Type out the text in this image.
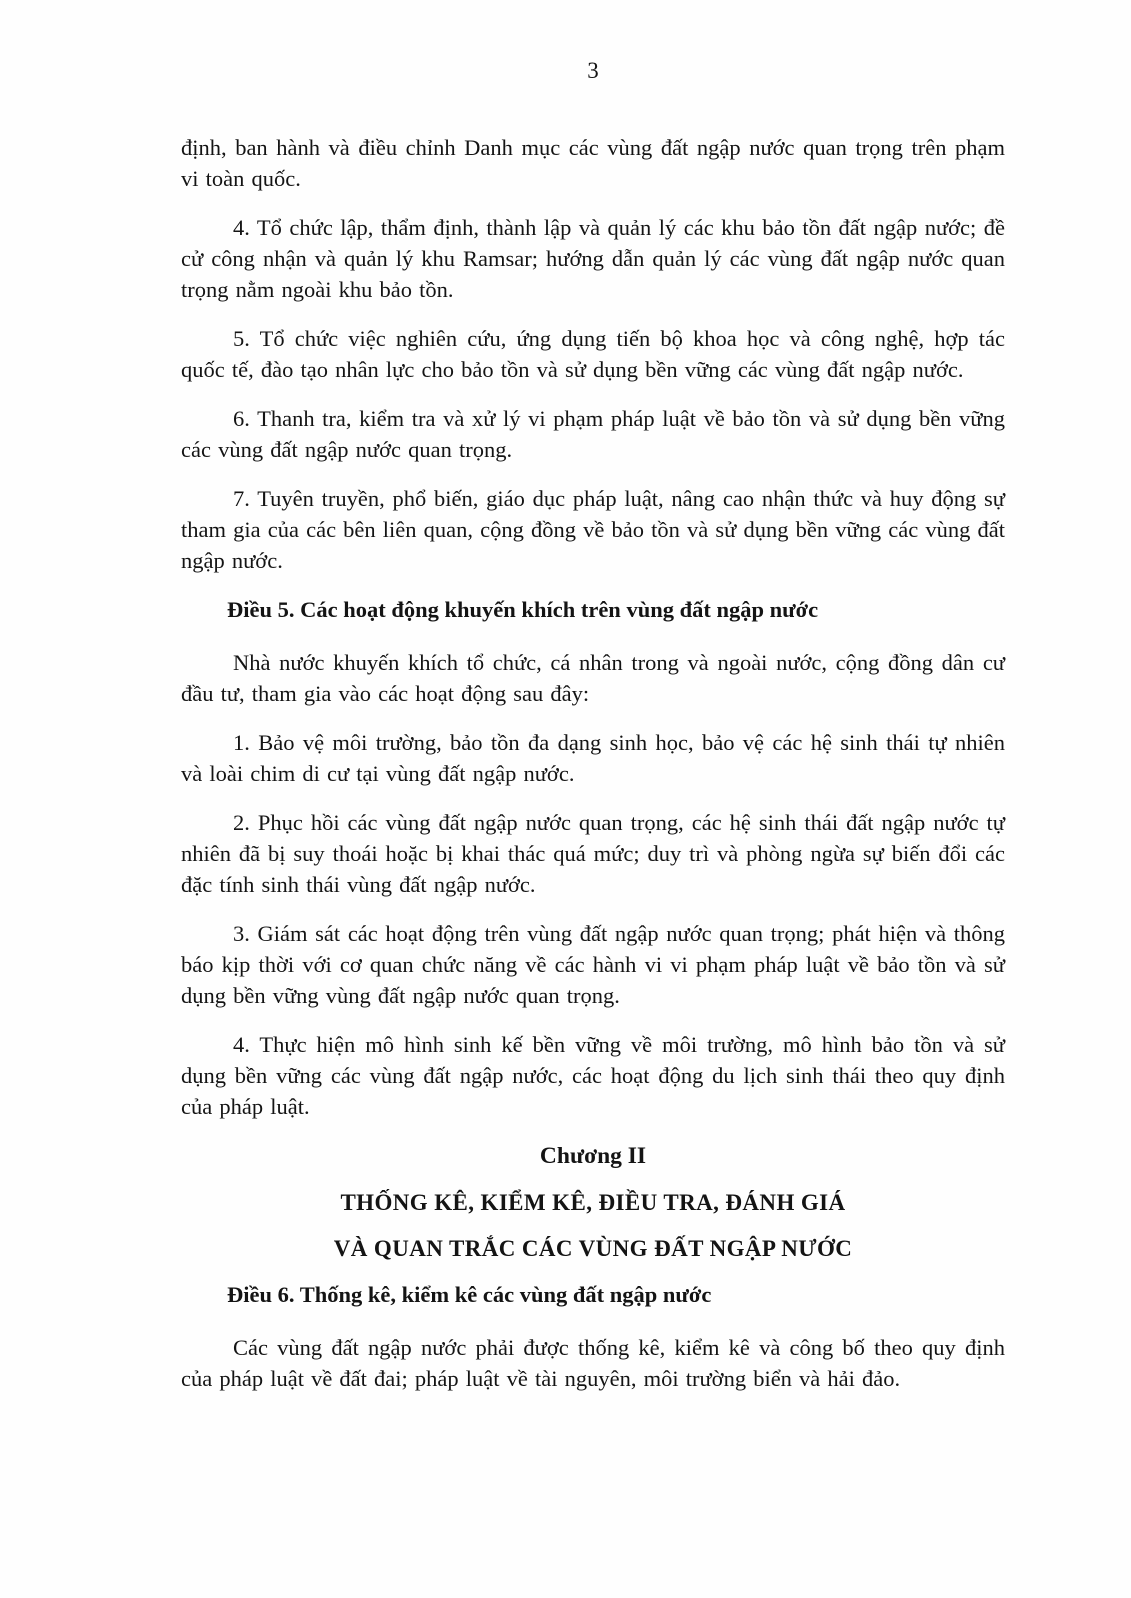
3

định, ban hành và điều chỉnh Danh mục các vùng đất ngập nước quan trọng trên phạm vi toàn quốc.

4. Tổ chức lập, thẩm định, thành lập và quản lý các khu bảo tồn đất ngập nước; đề cử công nhận và quản lý khu Ramsar; hướng dẫn quản lý các vùng đất ngập nước quan trọng nằm ngoài khu bảo tồn.

5. Tổ chức việc nghiên cứu, ứng dụng tiến bộ khoa học và công nghệ, hợp tác quốc tế, đào tạo nhân lực cho bảo tồn và sử dụng bền vững các vùng đất ngập nước.

6. Thanh tra, kiểm tra và xử lý vi phạm pháp luật về bảo tồn và sử dụng bền vững các vùng đất ngập nước quan trọng.

7. Tuyên truyền, phổ biến, giáo dục pháp luật, nâng cao nhận thức và huy động sự tham gia của các bên liên quan, cộng đồng về bảo tồn và sử dụng bền vững các vùng đất ngập nước.

Điều 5. Các hoạt động khuyến khích trên vùng đất ngập nước

Nhà nước khuyến khích tổ chức, cá nhân trong và ngoài nước, cộng đồng dân cư đầu tư, tham gia vào các hoạt động sau đây:

1. Bảo vệ môi trường, bảo tồn đa dạng sinh học, bảo vệ các hệ sinh thái tự nhiên và loài chim di cư tại vùng đất ngập nước.

2. Phục hồi các vùng đất ngập nước quan trọng, các hệ sinh thái đất ngập nước tự nhiên đã bị suy thoái hoặc bị khai thác quá mức; duy trì và phòng ngừa sự biến đổi các đặc tính sinh thái vùng đất ngập nước.

3. Giám sát các hoạt động trên vùng đất ngập nước quan trọng; phát hiện và thông báo kịp thời với cơ quan chức năng về các hành vi vi phạm pháp luật về bảo tồn và sử dụng bền vững vùng đất ngập nước quan trọng.

4. Thực hiện mô hình sinh kế bền vững về môi trường, mô hình bảo tồn và sử dụng bền vững các vùng đất ngập nước, các hoạt động du lịch sinh thái theo quy định của pháp luật.

Chương II

THỐNG KÊ, KIỂM KÊ, ĐIỀU TRA, ĐÁNH GIÁ

VÀ QUAN TRẮC CÁC VÙNG ĐẤT NGẬP NƯỚC

Điều 6. Thống kê, kiểm kê các vùng đất ngập nước

Các vùng đất ngập nước phải được thống kê, kiểm kê và công bố theo quy định của pháp luật về đất đai; pháp luật về tài nguyên, môi trường biển và hải đảo.
